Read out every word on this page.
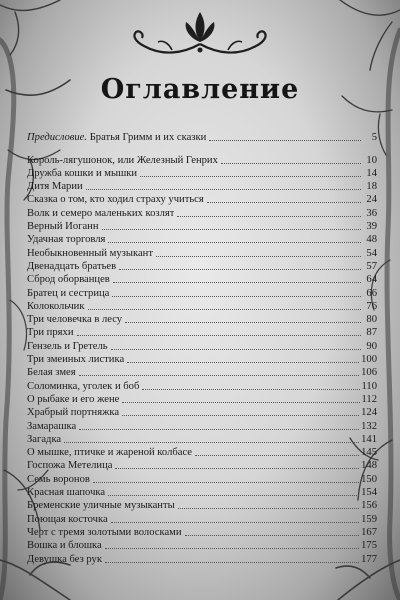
Оглавление
Предисловие. Братья Гримм и их сказки	5
Король-лягушонок, или Железный Генрих	10
Дружба кошки и мышки	14
Дитя Марии	18
Сказка о том, кто ходил страху учиться	24
Волк и семеро маленьких козлят	36
Верный Иоганн	39
Удачная торговля	48
Необыкновенный музыкант	54
Двенадцать братьев	57
Сброд оборванцев	64
Братец и сестрица	66
Колокольчик	76
Три человечка в лесу	80
Три пряхи	87
Гензель и Гретель	90
Три змеиных листика	100
Белая змея	106
Соломинка, уголек и боб	110
О рыбаке и его жене	112
Храбрый портняжка	124
Замарашка	132
Загадка	141
О мышке, птичке и жареной колбасе	145
Госпожа Метелица	148
Семь воронов	150
Красная шапочка	154
Бременские уличные музыканты	156
Поющая косточка	159
Черт с тремя золотыми волосками	167
Вошка и блошка	175
Девушка без рук	177
